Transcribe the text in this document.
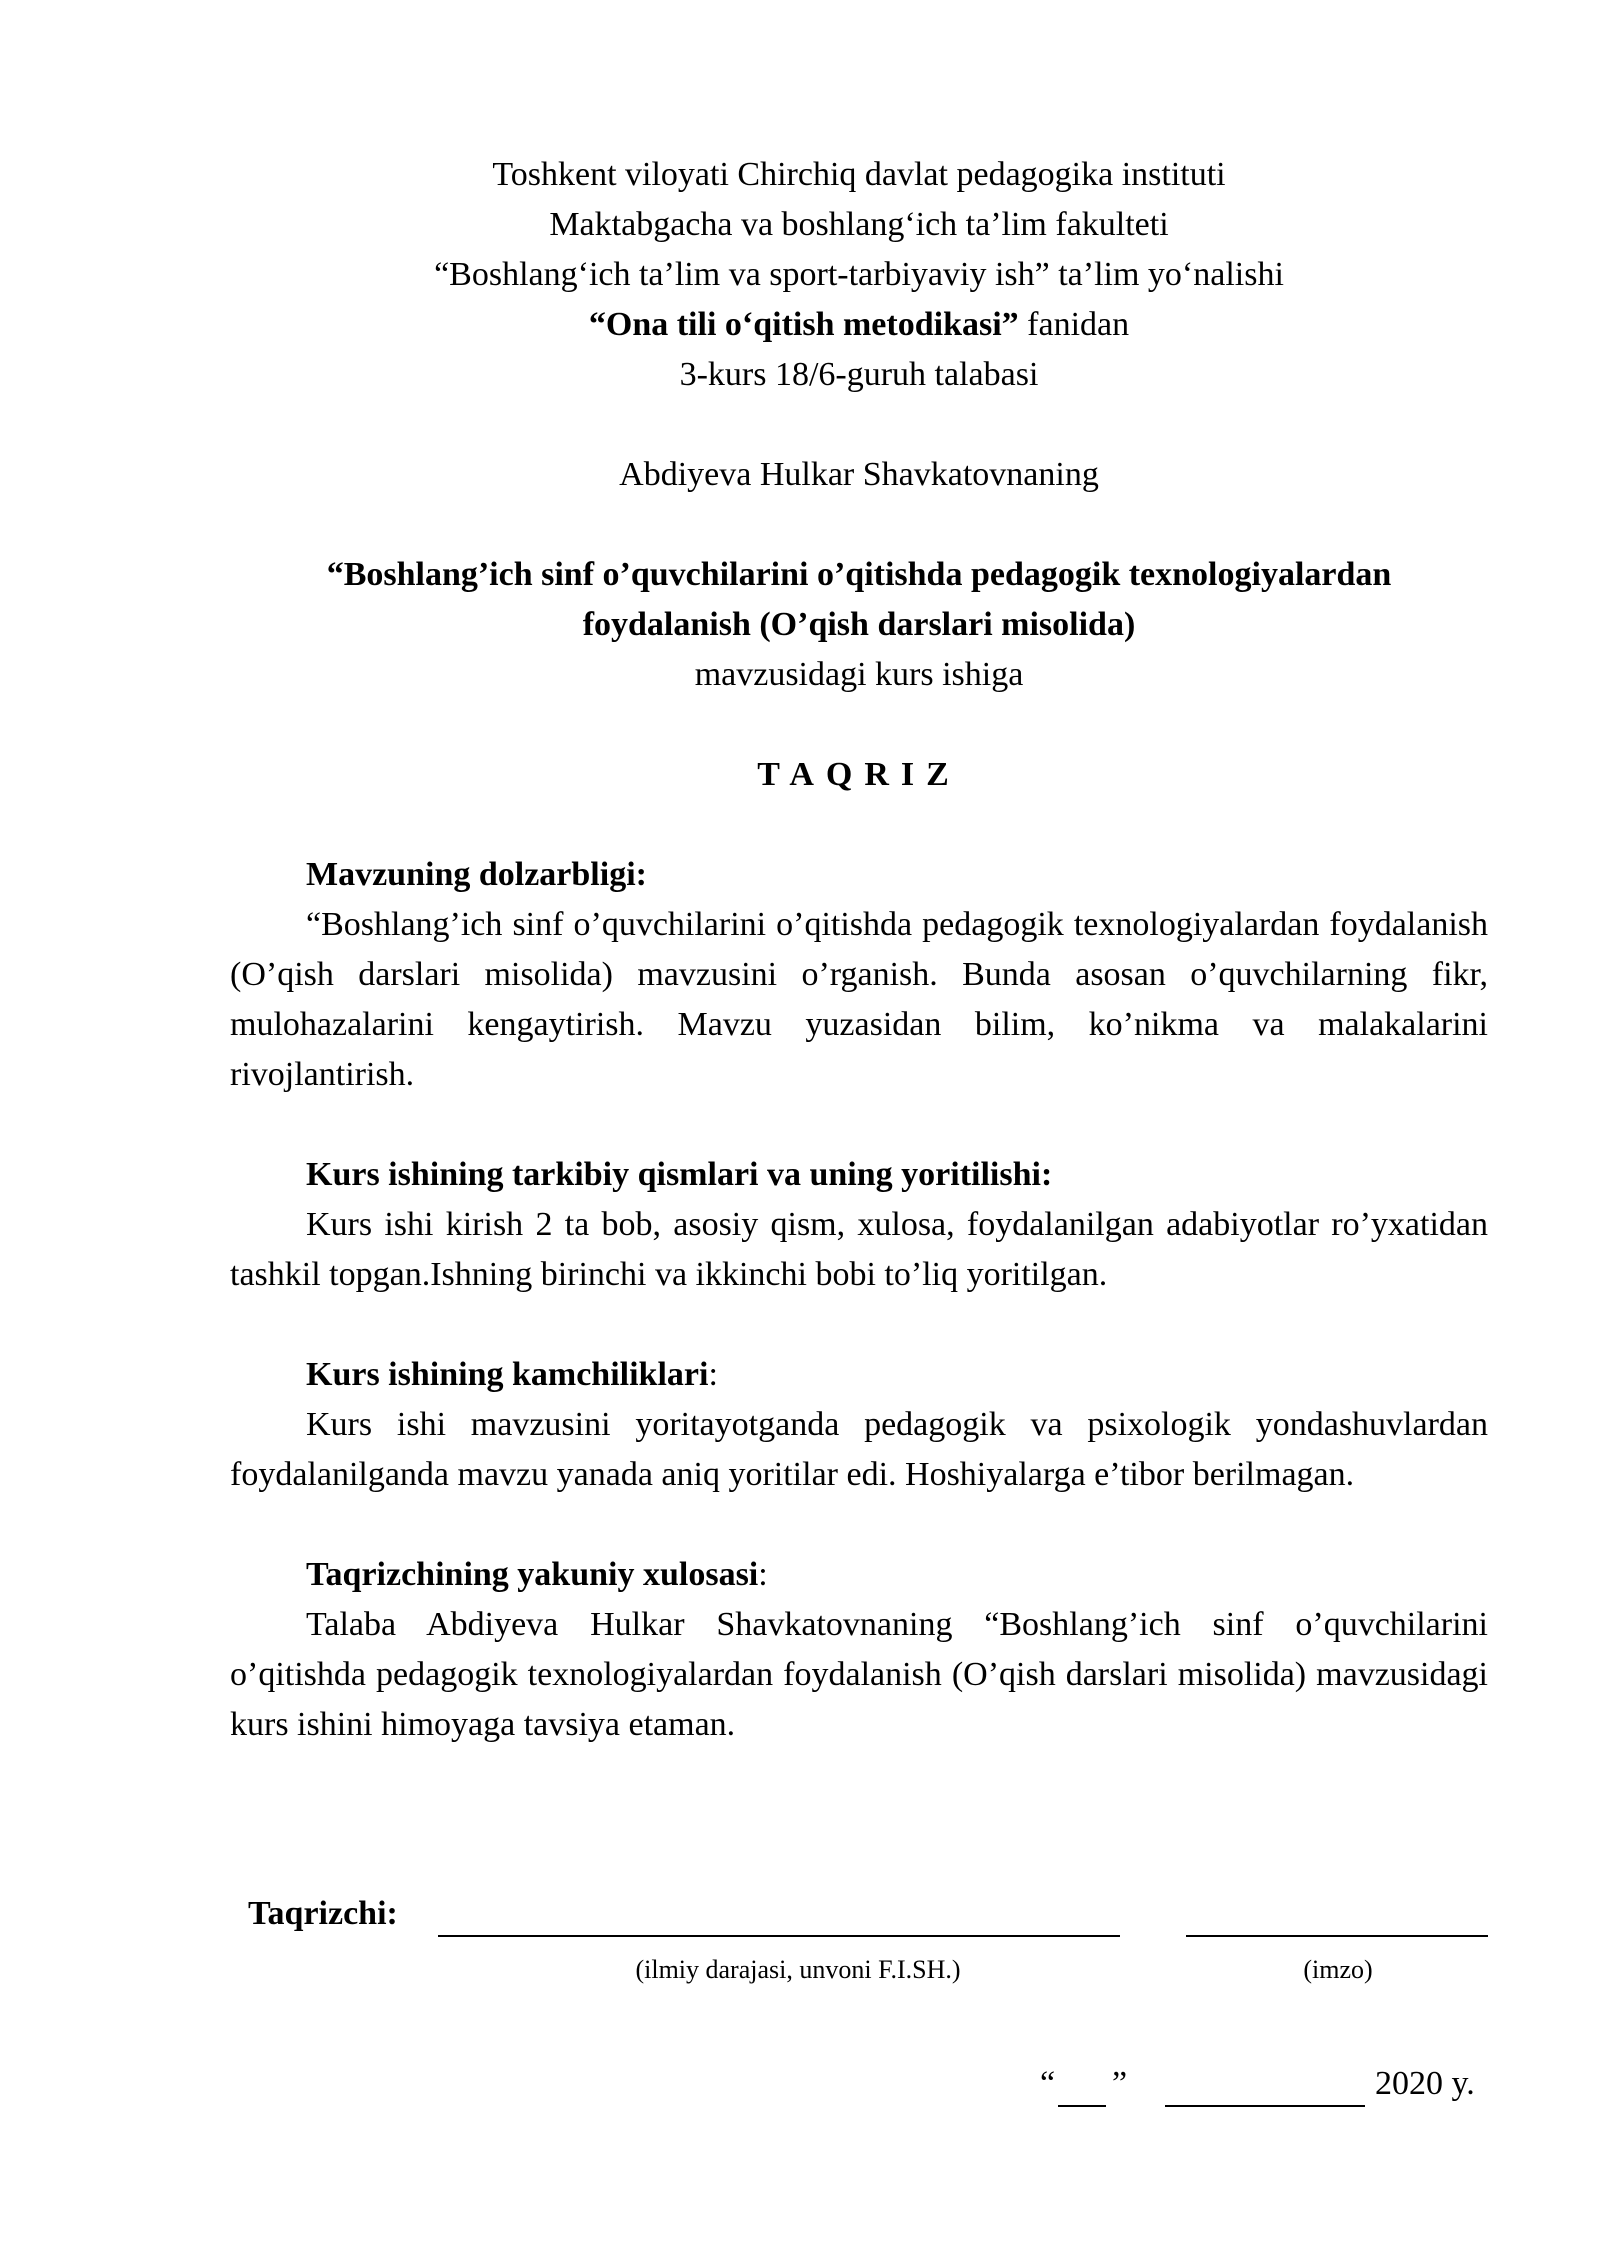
Toshkent viloyati Chirchiq davlat pedagogika instituti
Maktabgacha va boshlang‘ich ta’lim fakulteti
“Boshlang‘ich ta’lim va sport-tarbiyaviy ish” ta’lim yo‘nalishi
“Ona tili o‘qitish metodikasi” fanidan
3-kurs 18/6-guruh talabasi
Abdiyeva Hulkar Shavkatovnaning
“Boshlang’ich sinf o’quvchilarini o’qitishda pedagogik texnologiyalardan
foydalanish (O’qish darslari misolida)
mavzusidagi kurs ishiga
TAQRIZ
Mavzuning dolzarbligi:

“Boshlang’ich sinf o’quvchilarini o’qitishda pedagogik texnologiyalardan foydalanish (O’qish darslari misolida) mavzusini o’rganish. Bunda asosan o’quvchilarning fikr, mulohazalarini kengaytirish. Mavzu yuzasidan bilim, ko’nikma va malakalarini rivojlantirish.

Kurs ishining tarkibiy qismlari va uning yoritilishi:

Kurs ishi kirish 2 ta bob, asosiy qism, xulosa, foydalanilgan adabiyotlar ro’yxatidan tashkil topgan.Ishning birinchi va ikkinchi bobi to’liq yoritilgan.

Kurs ishining kamchiliklari:

Kurs ishi mavzusini yoritayotganda pedagogik va psixologik yondashuvlardan foydalanilganda mavzu yanada aniq yoritilar edi. Hoshiyalarga e’tibor berilmagan.

Taqrizchining yakuniy xulosasi:

Talaba Abdiyeva Hulkar Shavkatovnaning “Boshlang’ich sinf o’quvchilarini o’qitishda pedagogik texnologiyalardan foydalanish (O’qish darslari misolida) mavzusidagi kurs ishini himoyaga tavsiya etaman.

Taqrizchi:
(ilmiy darajasi, unvoni F.I.SH.)	(imzo)
“ ”	2020 y.
